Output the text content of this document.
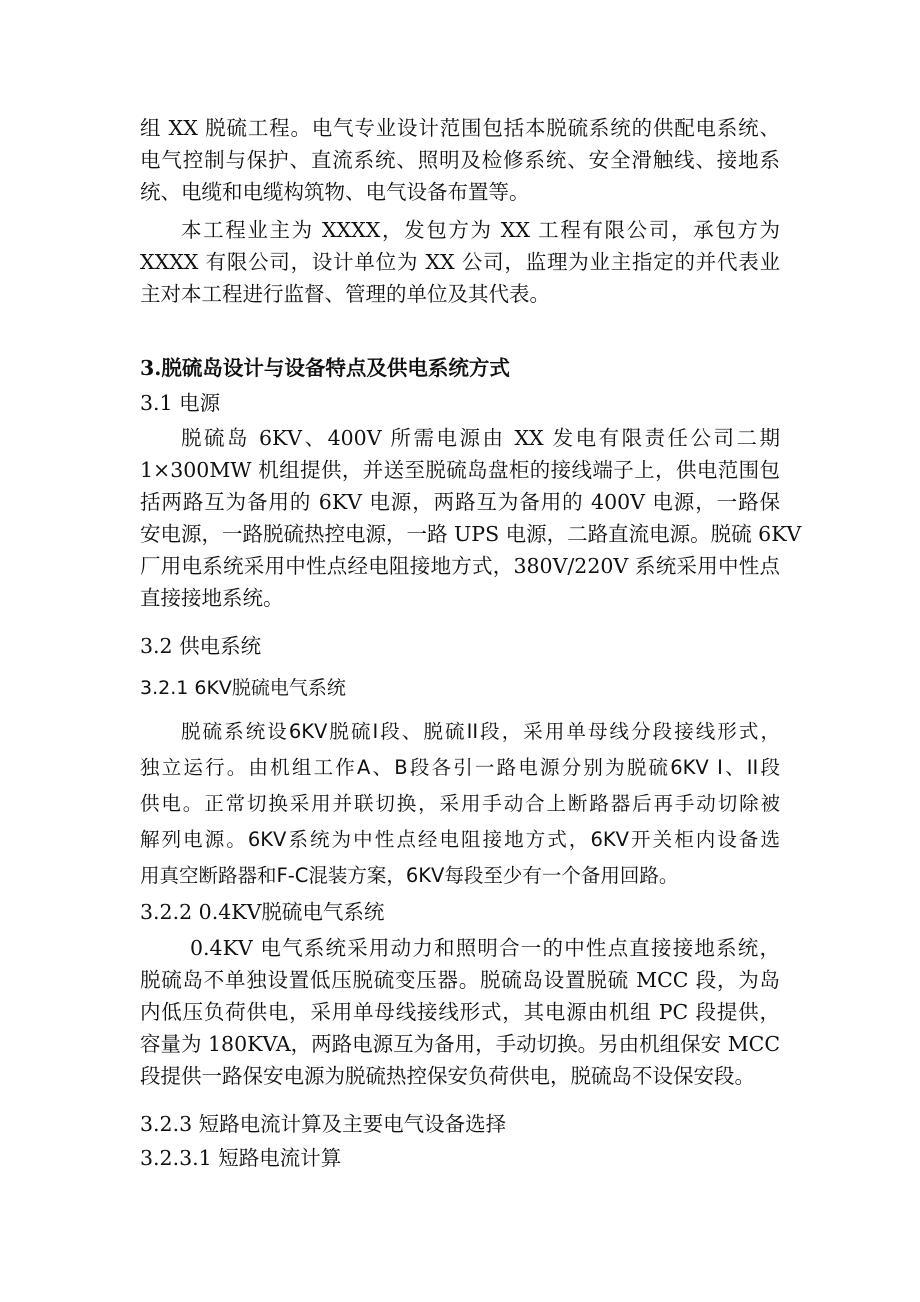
组 XX 脱硫工程。电气专业设计范围包括本脱硫系统的供配电系统、
电气控制与保护、直流系统、照明及检修系统、安全滑触线、接地系
统、电缆和电缆构筑物、电气设备布置等。
本工程业主为 XXXX，发包方为 XX 工程有限公司，承包方为
XXXX 有限公司，设计单位为 XX 公司，监理为业主指定的并代表业
主对本工程进行监督、管理的单位及其代表。
3.脱硫岛设计与设备特点及供电系统方式
3.1 电源
脱硫岛 6KV、400V 所需电源由 XX 发电有限责任公司二期
1×300MW 机组提供，并送至脱硫岛盘柜的接线端子上，供电范围包
括两路互为备用的 6KV 电源，两路互为备用的 400V 电源，一路保
安电源，一路脱硫热控电源，一路 UPS 电源，二路直流电源。脱硫 6KV
厂用电系统采用中性点经电阻接地方式，380V/220V 系统采用中性点
直接接地系统。
3.2 供电系统
3.2.1 6KV脱硫电气系统
脱硫系统设6KV脱硫I段、脱硫II段，采用单母线分段接线形式，
独立运行。由机组工作A、B段各引一路电源分别为脱硫6KV I、II段
供电。正常切换采用并联切换，采用手动合上断路器后再手动切除被
解列电源。6KV系统为中性点经电阻接地方式，6KV开关柜内设备选
用真空断路器和F-C混装方案，6KV每段至少有一个备用回路。
3.2.2 0.4KV脱硫电气系统
0.4KV 电气系统采用动力和照明合一的中性点直接接地系统，
脱硫岛不单独设置低压脱硫变压器。脱硫岛设置脱硫 MCC 段，为岛
内低压负荷供电，采用单母线接线形式，其电源由机组 PC 段提供，
容量为 180KVA，两路电源互为备用，手动切换。另由机组保安 MCC
段提供一路保安电源为脱硫热控保安负荷供电，脱硫岛不设保安段。
3.2.3 短路电流计算及主要电气设备选择
3.2.3.1 短路电流计算
